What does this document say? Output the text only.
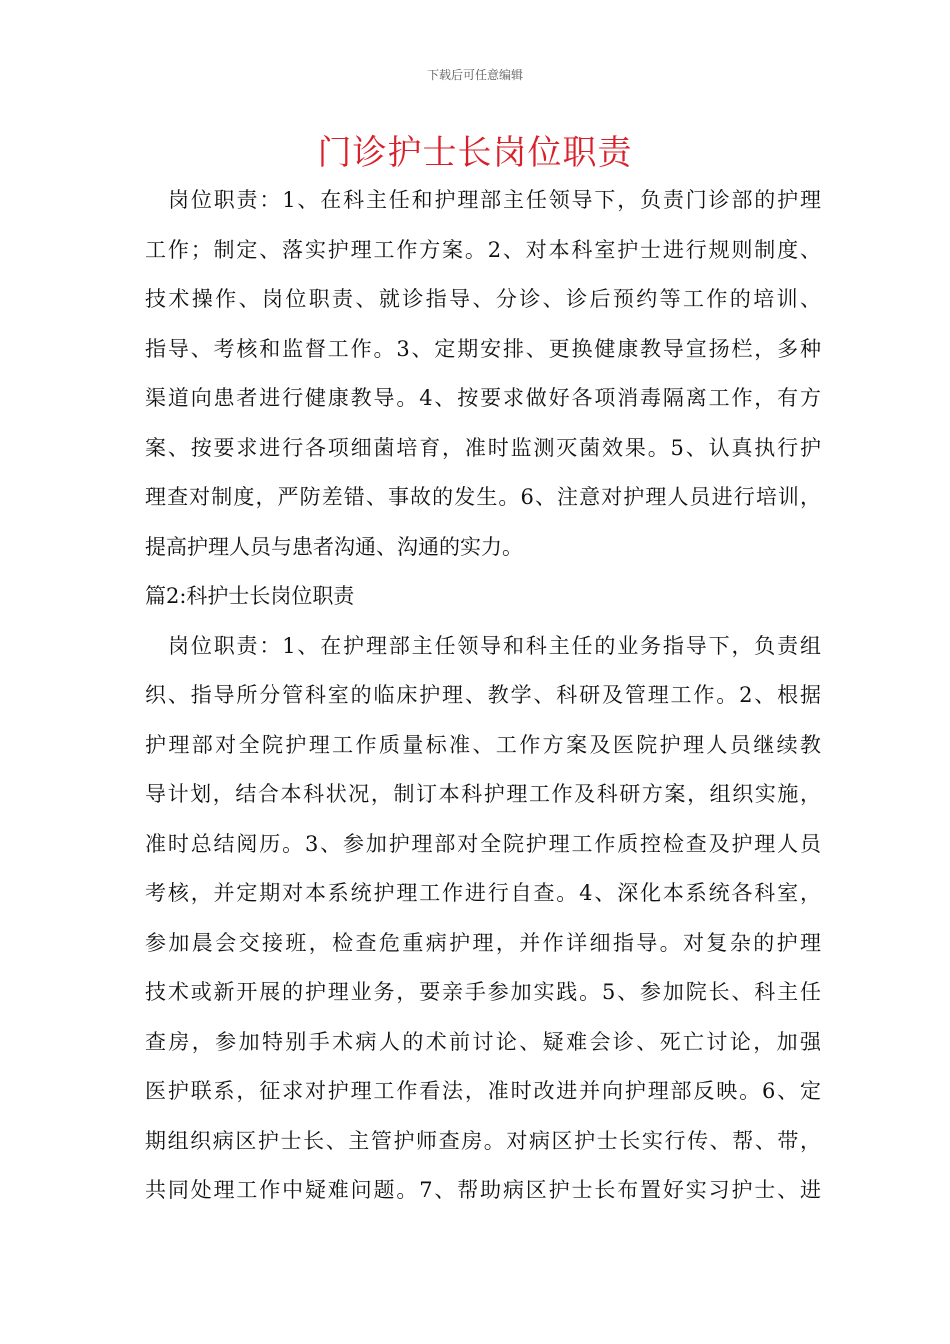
下载后可任意编辑
门诊护士长岗位职责
岗位职责：1、在科主任和护理部主任领导下，负责门诊部的护理
工作；制定、落实护理工作方案。2、对本科室护士进行规则制度、
技术操作、岗位职责、就诊指导、分诊、诊后预约等工作的培训、
指导、考核和监督工作。3、定期安排、更换健康教导宣扬栏，多种
渠道向患者进行健康教导。4、按要求做好各项消毒隔离工作，有方
案、按要求进行各项细菌培育，准时监测灭菌效果。5、认真执行护
理查对制度，严防差错、事故的发生。6、注意对护理人员进行培训，
提高护理人员与患者沟通、沟通的实力。
篇2:科护士长岗位职责
岗位职责：1、在护理部主任领导和科主任的业务指导下，负责组
织、指导所分管科室的临床护理、教学、科研及管理工作。2、根据
护理部对全院护理工作质量标准、工作方案及医院护理人员继续教
导计划，结合本科状况，制订本科护理工作及科研方案，组织实施，
准时总结阅历。3、参加护理部对全院护理工作质控检查及护理人员
考核，并定期对本系统护理工作进行自查。4、深化本系统各科室，
参加晨会交接班，检查危重病护理，并作详细指导。对复杂的护理
技术或新开展的护理业务，要亲手参加实践。5、参加院长、科主任
查房，参加特别手术病人的术前讨论、疑难会诊、死亡讨论，加强
医护联系，征求对护理工作看法，准时改进并向护理部反映。6、定
期组织病区护士长、主管护师查房。对病区护士长实行传、帮、带，
共同处理工作中疑难问题。7、帮助病区护士长布置好实习护士、进
